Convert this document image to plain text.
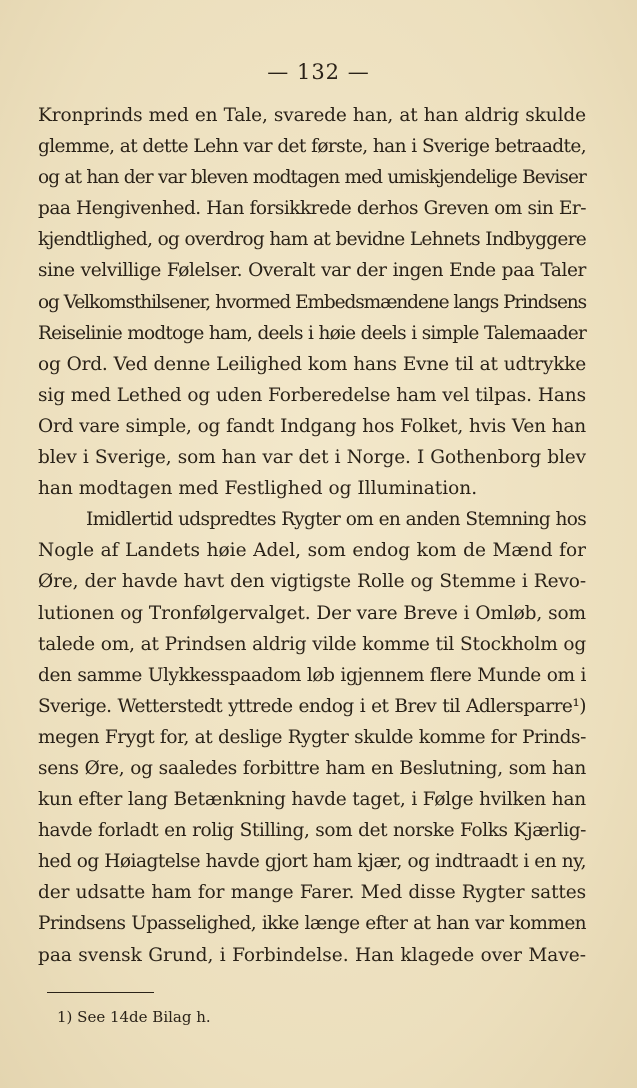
— 132 —
Kronprinds med en Tale, svarede han, at han aldrig skulde
glemme, at dette Lehn var det første, han i Sverige betraadte,
og at han der var bleven modtagen med umiskjendelige Beviser
paa Hengivenhed. Han forsikkrede derhos Greven om sin Er-
kjendtlighed, og overdrog ham at bevidne Lehnets Indbyggere
sine velvillige Følelser. Overalt var der ingen Ende paa Taler
og Velkomsthilsener, hvormed Embedsmændene langs Prindsens
Reiselinie modtoge ham, deels i høie deels i simple Talemaader
og Ord. Ved denne Leilighed kom hans Evne til at udtrykke
sig med Lethed og uden Forberedelse ham vel tilpas. Hans
Ord vare simple, og fandt Indgang hos Folket, hvis Ven han
blev i Sverige, som han var det i Norge. I Gothenborg blev
han modtagen med Festlighed og Illumination.
Imidlertid udspredtes Rygter om en anden Stemning hos
Nogle af Landets høie Adel, som endog kom de Mænd for
Øre, der havde havt den vigtigste Rolle og Stemme i Revo-
lutionen og Tronfølgervalget. Der vare Breve i Omløb, som
talede om, at Prindsen aldrig vilde komme til Stockholm og
den samme Ulykkesspaadom løb igjennem flere Munde om i
Sverige. Wetterstedt yttrede endog i et Brev til Adlersparre¹)
megen Frygt for, at deslige Rygter skulde komme for Prinds-
sens Øre, og saaledes forbittre ham en Beslutning, som han
kun efter lang Betænkning havde taget, i Følge hvilken han
havde forladt en rolig Stilling, som det norske Folks Kjærlig-
hed og Høiagtelse havde gjort ham kjær, og indtraadt i en ny,
der udsatte ham for mange Farer. Med disse Rygter sattes
Prindsens Upasselighed, ikke længe efter at han var kommen
paa svensk Grund, i Forbindelse. Han klagede over Mave-
1) See 14de Bilag h.
